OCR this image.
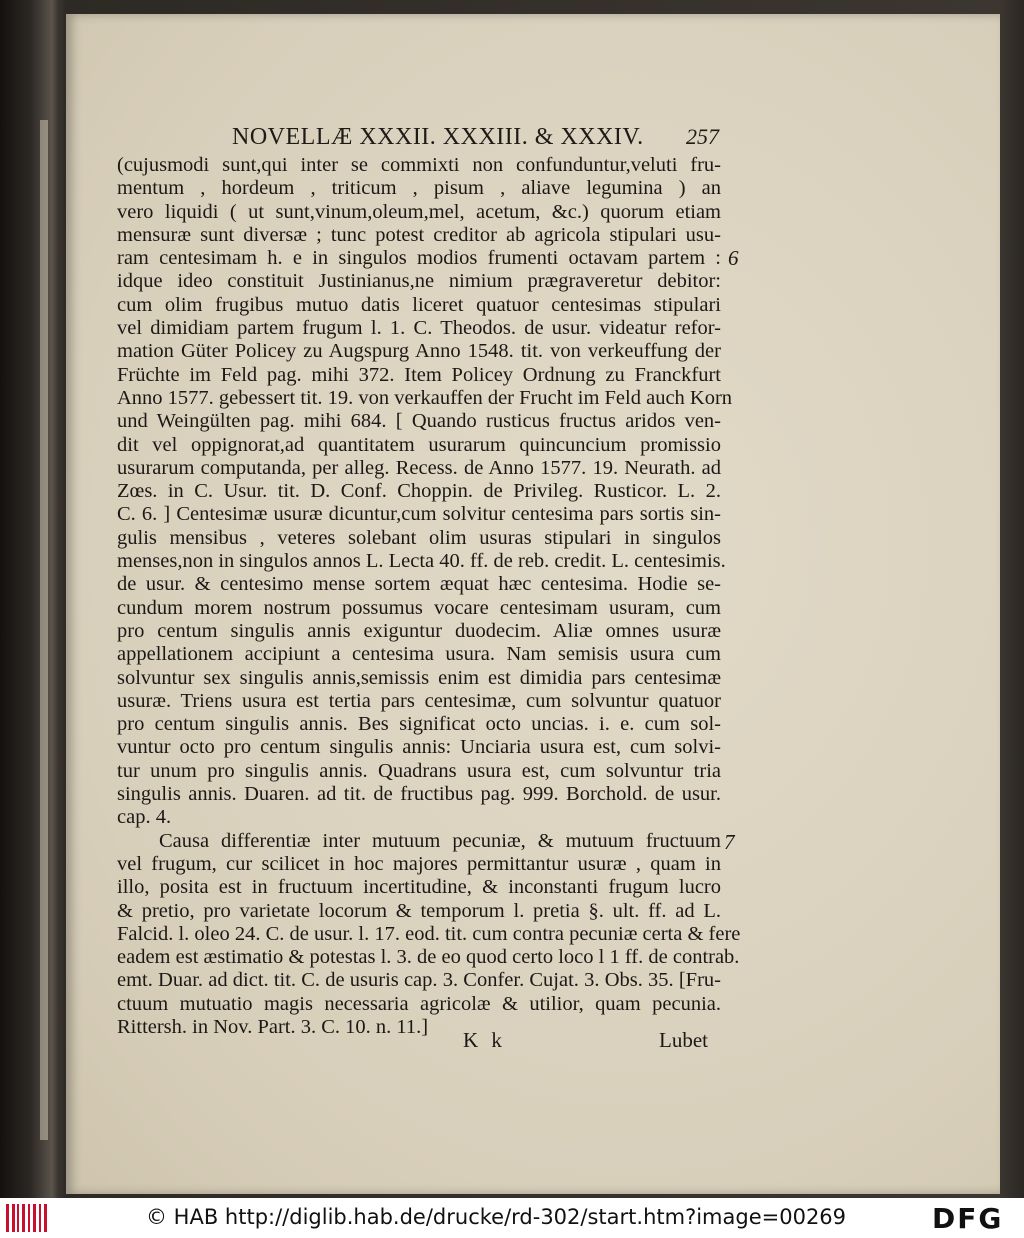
NOVELLÆ XXXII. XXXIII. & XXXIV. 257
(cujusmodi sunt,qui inter se commixti non confunduntur,veluti fru-
mentum , hordeum , triticum , pisum , aliave legumina ) an
vero liquidi ( ut sunt,vinum,oleum,mel, acetum, &c.) quorum etiam
mensuræ sunt diversæ ; tunc potest creditor ab agricola stipulari usu-
ram centesimam h. e in singulos modios frumenti octavam partem :
idque ideo constituit Justinianus,ne nimium prægraveretur debitor:
cum olim frugibus mutuo datis liceret quatuor centesimas stipulari
vel dimidiam partem frugum l. 1. C. Theodos. de usur. videatur refor-
mation Güter Policey zu Augspurg Anno 1548. tit. von verkeuffung der
Früchte im Feld pag. mihi 372. Item Policey Ordnung zu Franckfurt
Anno 1577. gebessert tit. 19. von verkauffen der Frucht im Feld auch Korn
und Weingülten pag. mihi 684. [ Quando rusticus fructus aridos ven-
dit vel oppignorat,ad quantitatem usurarum quincuncium promissio
usurarum computanda, per alleg. Recess. de Anno 1577. 19. Neurath. ad
Zœs. in C. Usur. tit. D. Conf. Choppin. de Privileg. Rusticor. L. 2.
C. 6. ] Centesimæ usuræ dicuntur,cum solvitur centesima pars sortis sin-
gulis mensibus , veteres solebant olim usuras stipulari in singulos
menses,non in singulos annos L. Lecta 40. ff. de reb. credit. L. centesimis.
de usur. & centesimo mense sortem æquat hæc centesima. Hodie se-
cundum morem nostrum possumus vocare centesimam usuram, cum
pro centum singulis annis exiguntur duodecim. Aliæ omnes usuræ
appellationem accipiunt a centesima usura. Nam semisis usura cum
solvuntur sex singulis annis,semissis enim est dimidia pars centesimæ
usuræ. Triens usura est tertia pars centesimæ, cum solvuntur quatuor
pro centum singulis annis. Bes significat octo uncias. i. e. cum sol-
vuntur octo pro centum singulis annis: Unciaria usura est, cum solvi-
tur unum pro singulis annis. Quadrans usura est, cum solvuntur tria
singulis annis. Duaren. ad tit. de fructibus pag. 999. Borchold. de usur.
cap. 4.
Causa differentiæ inter mutuum pecuniæ, & mutuum fructuum
vel frugum, cur scilicet in hoc majores permittantur usuræ , quam in
illo, posita est in fructuum incertitudine, & inconstanti frugum lucro
& pretio, pro varietate locorum & temporum l. pretia §. ult. ff. ad L.
Falcid. l. oleo 24. C. de usur. l. 17. eod. tit. cum contra pecuniæ certa & fere
eadem est æstimatio & potestas l. 3. de eo quod certo loco l 1 ff. de contrab.
emt. Duar. ad dict. tit. C. de usuris cap. 3. Confer. Cujat. 3. Obs. 35. [Fru-
ctuum mutuatio magis necessaria agricolæ & utilior, quam pecunia.
Rittersh. in Nov. Part. 3. C. 10. n. 11.]
6
7
K k	Lubet
© HAB http://diglib.hab.de/drucke/rd-302/start.htm?image=00269	DFG
